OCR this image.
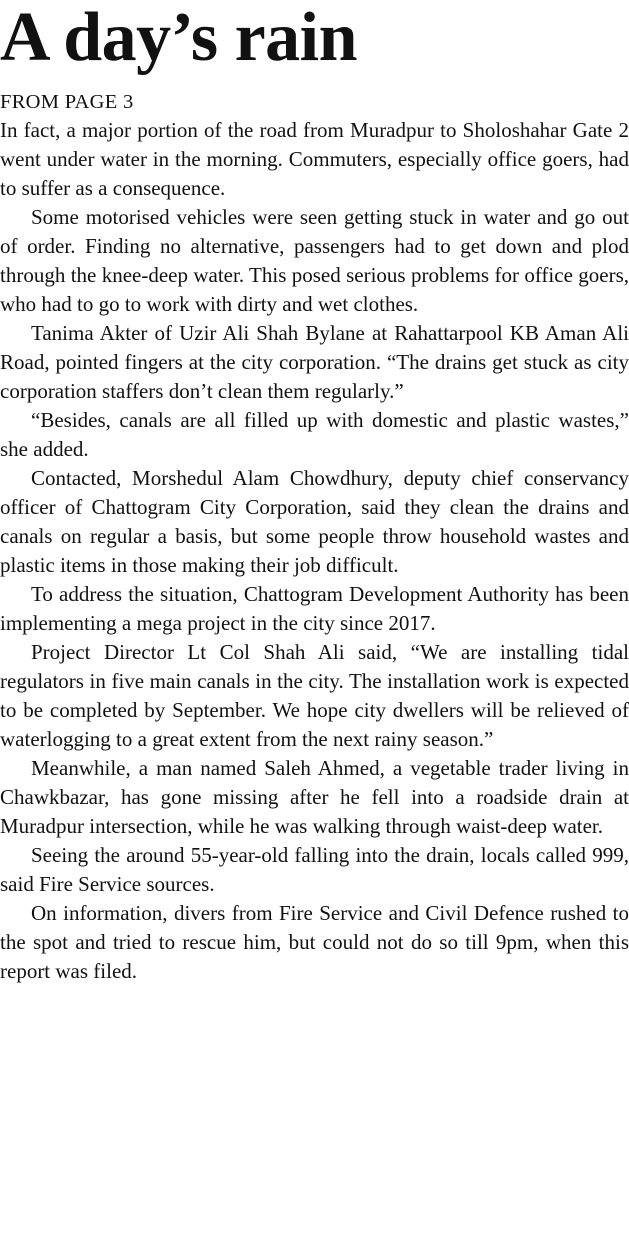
A day’s rain
FROM PAGE 3

In fact, a major portion of the road from Muradpur to Sholoshahar Gate 2 went under water in the morning. Commuters, especially office goers, had to suffer as a consequence.

Some motorised vehicles were seen getting stuck in water and go out of order. Finding no alternative, passengers had to get down and plod through the knee-deep water. This posed serious problems for office goers, who had to go to work with dirty and wet clothes.

Tanima Akter of Uzir Ali Shah Bylane at Rahattarpool KB Aman Ali Road, pointed fingers at the city corporation. “The drains get stuck as city corporation staffers don’t clean them regularly.”

“Besides, canals are all filled up with domestic and plastic wastes,” she added.

Contacted, Morshedul Alam Chowdhury, deputy chief conservancy officer of Chattogram City Corporation, said they clean the drains and canals on regular a basis, but some people throw household wastes and plastic items in those making their job difficult.

To address the situation, Chattogram Development Authority has been implementing a mega project in the city since 2017.

Project Director Lt Col Shah Ali said, “We are installing tidal regulators in five main canals in the city. The installation work is expected to be completed by September. We hope city dwellers will be relieved of waterlogging to a great extent from the next rainy season.”

Meanwhile, a man named Saleh Ahmed, a vegetable trader living in Chawkbazar, has gone missing after he fell into a roadside drain at Muradpur intersection, while he was walking through waist-deep water.

Seeing the around 55-year-old falling into the drain, locals called 999, said Fire Service sources.

On information, divers from Fire Service and Civil Defence rushed to the spot and tried to rescue him, but could not do so till 9pm, when this report was filed.
